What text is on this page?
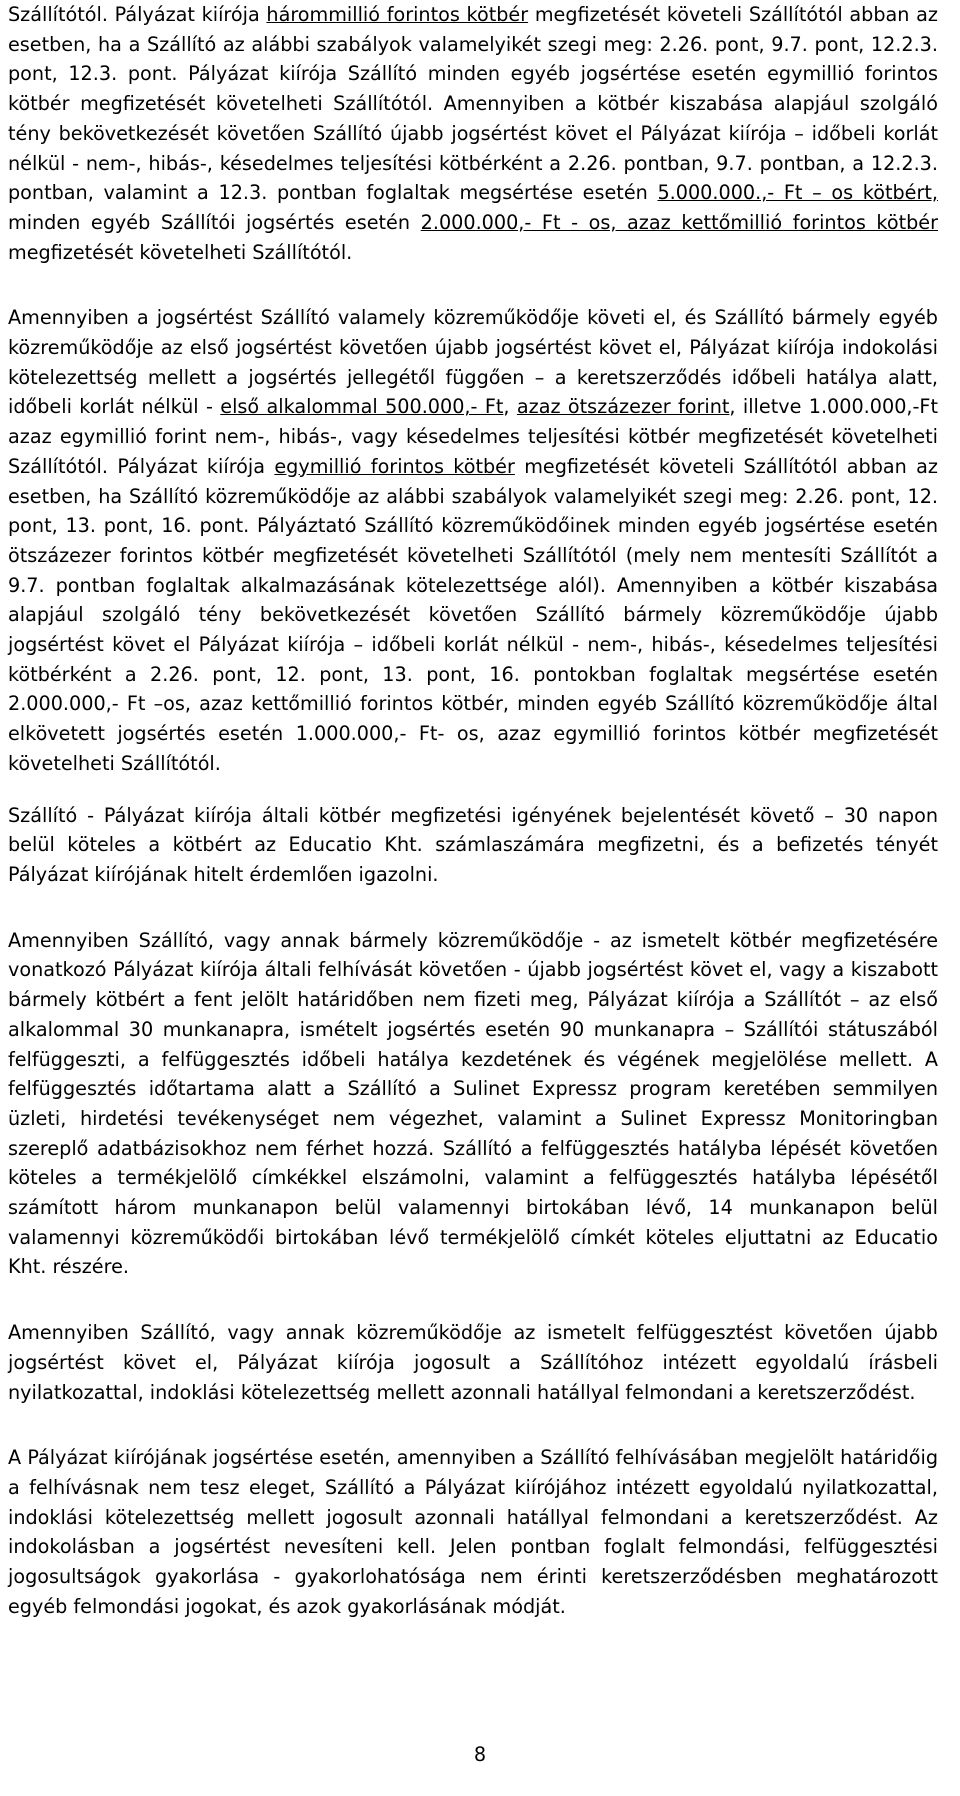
Szállítótól. Pályázat kiírója hárommillió forintos kötbér megfizetését követeli Szállítótól abban az esetben, ha a Szállító az alábbi szabályok valamelyikét szegi meg: 2.26. pont, 9.7. pont, 12.2.3. pont, 12.3. pont. Pályázat kiírója Szállító minden egyéb jogsértése esetén egymillió forintos kötbér megfizetését követelheti Szállítótól. Amennyiben a kötbér kiszabása alapjául szolgáló tény bekövetkezését követően Szállító újabb jogsértést követ el Pályázat kiírója – időbeli korlát nélkül - nem-, hibás-, késedelmes teljesítési kötbérként a 2.26. pontban, 9.7. pontban, a 12.2.3. pontban, valamint a 12.3. pontban foglaltak megsértése esetén 5.000.000.,- Ft – os kötbért, minden egyéb Szállítói jogsértés esetén 2.000.000,- Ft - os, azaz kettőmillió forintos kötbér megfizetését követelheti Szállítótól.

Amennyiben a jogsértést Szállító valamely közreműködője követi el, és Szállító bármely egyéb közreműködője az első jogsértést követően újabb jogsértést követ el, Pályázat kiírója indokolási kötelezettség mellett a jogsértés jellegétől függően – a keretszerződés időbeli hatálya alatt, időbeli korlát nélkül - első alkalommal 500.000,- Ft, azaz ötszázezer forint, illetve 1.000.000,-Ft azaz egymillió forint nem-, hibás-, vagy késedelmes teljesítési kötbér megfizetését követelheti Szállítótól. Pályázat kiírója egymillió forintos kötbér megfizetését követeli Szállítótól abban az esetben, ha Szállító közreműködője az alábbi szabályok valamelyikét szegi meg: 2.26. pont, 12. pont, 13. pont, 16. pont. Pályáztató Szállító közreműködőinek minden egyéb jogsértése esetén ötszázezer forintos kötbér megfizetését követelheti Szállítótól (mely nem mentesíti Szállítót a 9.7. pontban foglaltak alkalmazásának kötelezettsége alól). Amennyiben a kötbér kiszabása alapjául szolgáló tény bekövetkezését követően Szállító bármely közreműködője újabb jogsértést követ el Pályázat kiírója – időbeli korlát nélkül - nem-, hibás-, késedelmes teljesítési kötbérként a 2.26. pont, 12. pont, 13. pont, 16. pontokban foglaltak megsértése esetén 2.000.000,- Ft –os, azaz kettőmillió forintos kötbér, minden egyéb Szállító közreműködője által elkövetett jogsértés esetén 1.000.000,- Ft- os, azaz egymillió forintos kötbér megfizetését követelheti Szállítótól.

Szállító - Pályázat kiírója általi kötbér megfizetési igényének bejelentését követő – 30 napon belül köteles a kötbért az Educatio Kht. számlaszámára megfizetni, és a befizetés tényét Pályázat kiírójának hitelt érdemlően igazolni.

Amennyiben Szállító, vagy annak bármely közreműködője - az ismetelt kötbér megfizetésére vonatkozó Pályázat kiírója általi felhívását követően - újabb jogsértést követ el, vagy a kiszabott bármely kötbért a fent jelölt határidőben nem fizeti meg, Pályázat kiírója a Szállítót – az első alkalommal 30 munkanapra, ismételt jogsértés esetén 90 munkanapra – Szállítói státuszából felfüggeszti, a felfüggesztés időbeli hatálya kezdetének és végének megjelölése mellett. A felfüggesztés időtartama alatt a Szállító a Sulinet Expressz program keretében semmilyen üzleti, hirdetési tevékenységet nem végezhet, valamint a Sulinet Expressz Monitoringban szereplő adatbázisokhoz nem férhet hozzá. Szállító a felfüggesztés hatályba lépését követően köteles a termékjelölő címkékkel elszámolni, valamint a felfüggesztés hatályba lépésétől számított három munkanapon belül valamennyi birtokában lévő, 14 munkanapon belül valamennyi közreműködői birtokában lévő termékjelölő címkét köteles eljuttatni az Educatio Kht. részére.

Amennyiben Szállító, vagy annak közreműködője az ismetelt felfüggesztést követően újabb jogsértést követ el, Pályázat kiírója jogosult a Szállítóhoz intézett egyoldalú írásbeli nyilatkozattal, indoklási kötelezettség mellett azonnali hatállyal felmondani a keretszerződést.

A Pályázat kiírójának jogsértése esetén, amennyiben a Szállító felhívásában megjelölt határidőig a felhívásnak nem tesz eleget, Szállító a Pályázat kiírójához intézett egyoldalú nyilatkozattal, indoklási kötelezettség mellett jogosult azonnali hatállyal felmondani a keretszerződést. Az indokolásban a jogsértést nevesíteni kell. Jelen pontban foglalt felmondási, felfüggesztési jogosultságok gyakorlása - gyakorlohatósága nem érinti keretszerződésben meghatározott egyéb felmondási jogokat, és azok gyakorlásának módját.

8
